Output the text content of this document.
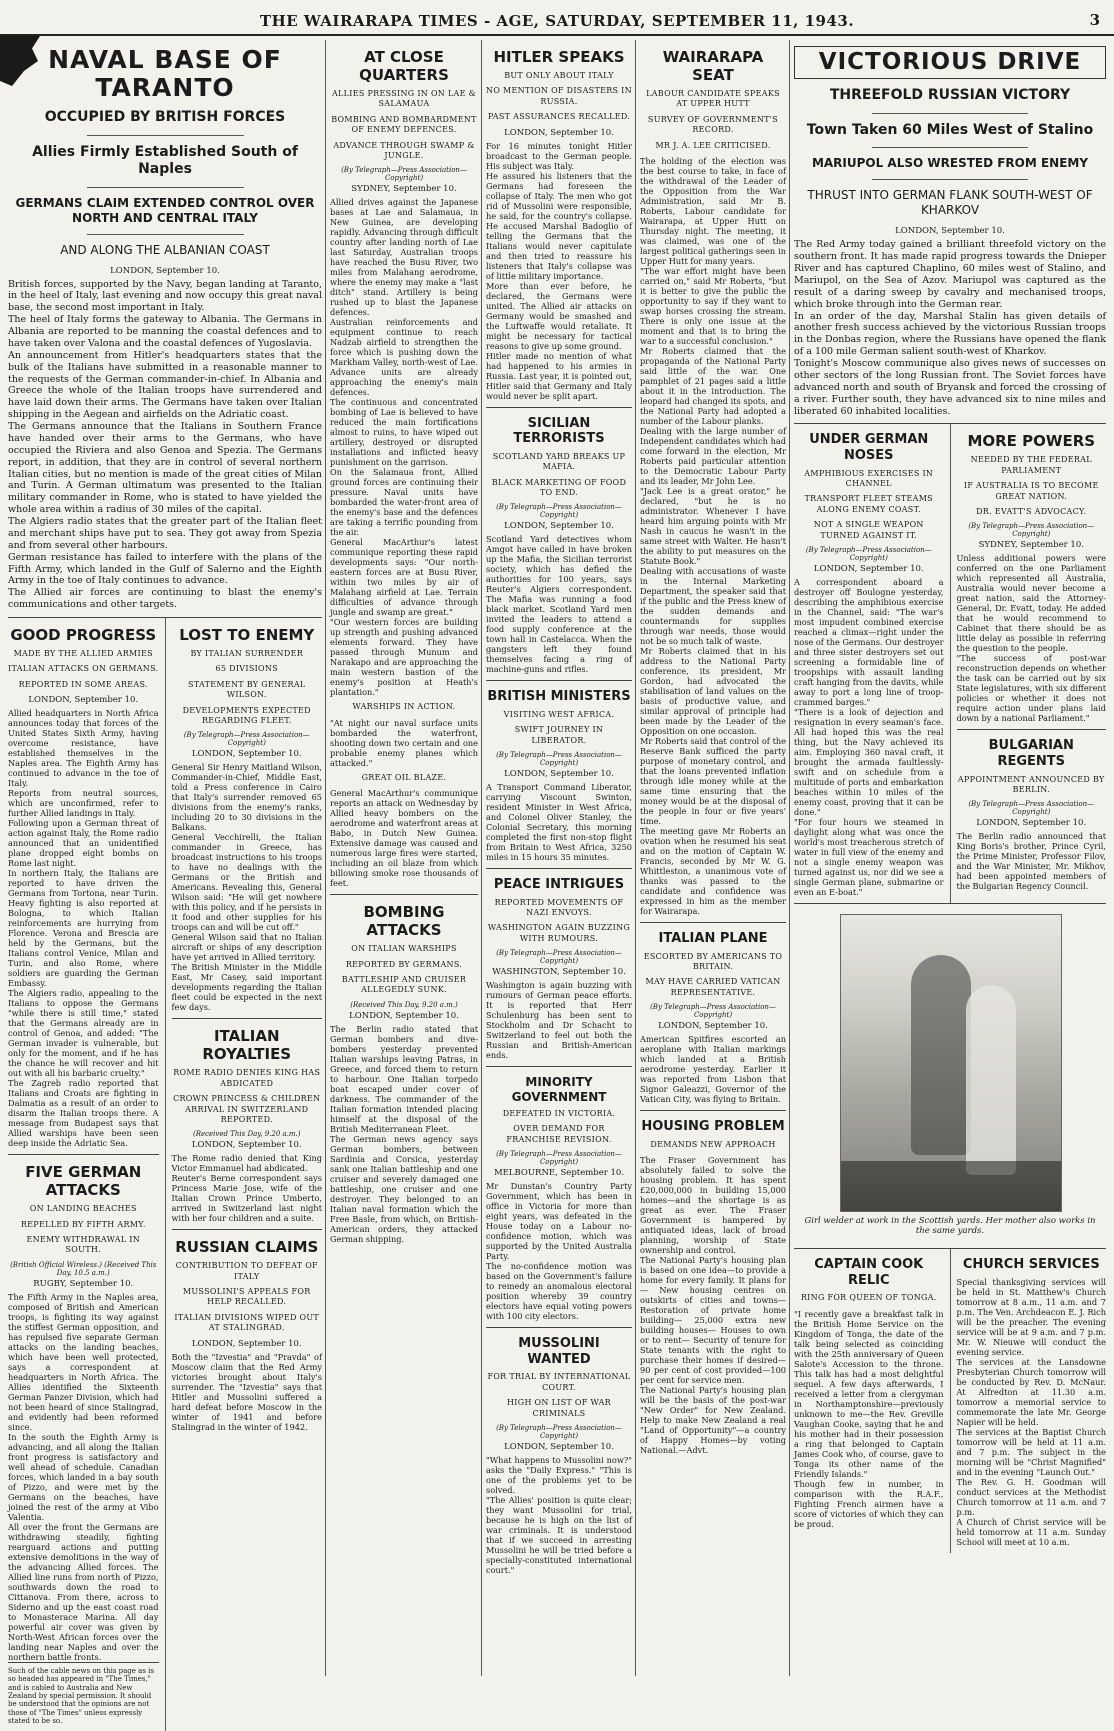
THE WAIRARAPA TIMES - AGE, SATURDAY, SEPTEMBER 11, 1943.	3
NAVAL BASE OF TARANTO
OCCUPIED BY BRITISH FORCES
Allies Firmly Established South of Naples
GERMANS CLAIM EXTENDED CONTROL OVER NORTH AND CENTRAL ITALY
AND ALONG THE ALBANIAN COAST
LONDON, September 10.

British forces, supported by the Navy, began landing at Taranto, in the heel of Italy, last evening and now occupy this great naval base, the second most important in Italy.

The heel of Italy forms the gateway to Albania. The Germans in Albania are reported to be manning the coastal defences and to have taken over Valona and the coastal defences of Yugoslavia.

An announcement from Hitler's headquarters states that the bulk of the Italians have submitted in a reasonable manner to the requests of the German commander-in-chief. In Albania and Greece the whole of the Italian troops have surrendered and have laid down their arms. The Germans have taken over Italian shipping in the Aegean and airfields on the Adriatic coast.

The Germans announce that the Italians in Southern France have handed over their arms to the Germans, who have occupied the Riviera and also Genoa and Spezia. The Germans report, in addition, that they are in control of several northern Italian cities, but no mention is made of the great cities of Milan and Turin. A German ultimatum was presented to the Italian military commander in Rome, who is stated to have yielded the whole area within a radius of 30 miles of the capital.

The Algiers radio states that the greater part of the Italian fleet and merchant ships have put to sea. They got away from Spezia and from several other harbours.

German resistance has failed to interfere with the plans of the Fifth Army, which landed in the Gulf of Salerno and the Eighth Army in the toe of Italy continues to advance.

The Allied air forces are continuing to blast the enemy's communications and other targets.

GOOD PROGRESS
MADE BY THE ALLIED ARMIES
ITALIAN ATTACKS ON GERMANS.
REPORTED IN SOME AREAS.
LONDON, September 10.

Allied headquarters in North Africa announces today that forces of the United States Sixth Army, having overcome resistance, have established themselves in the Naples area. The Eighth Army has continued to advance in the toe of Italy.

Reports from neutral sources, which are unconfirmed, refer to further Allied landings in Italy.

Following upon a German threat of action against Italy, the Rome radio announced that an unidentified plane dropped eight bombs on Rome last night.

In northern Italy, the Italians are reported to have driven the Germans from Tortona, near Turin. Heavy fighting is also reported at Bologna, to which Italian reinforcements are hurrying from Florence. Verona and Brescia are held by the Germans, but the Italians control Venice, Milan and Turin, and also Rome, where soldiers are guarding the German Embassy.

The Algiers radio, appealing to the Italians to oppose the Germans "while there is still time," stated that the Germans already are in control of Genoa, and added: "The German invader is vulnerable, but only for the moment, and if he has the chance he will recover and hit out with all his barbaric cruelty."

The Zagreb radio reported that Italians and Croats are fighting in Dalmatia as a result of an order to disarm the Italian troops there. A message from Budapest says that Allied warships have been seen deep inside the Adriatic Sea.

FIVE GERMAN ATTACKS
ON LANDING BEACHES
REPELLED BY FIFTH ARMY.
ENEMY WITHDRAWAL IN SOUTH.
(British Official Wireless.) (Received This Day, 10.5 a.m.)
RUGBY, September 10.

The Fifth Army in the Naples area, composed of British and American troops, is fighting its way against the stiffest German opposition, and has repulsed five separate German attacks on the landing beaches, which have been well protected, says a correspondent at headquarters in North Africa. The Allies identified the Sixteenth German Panzer Division, which had not been heard of since Stalingrad, and evidently had been reformed since.

In the south the Eighth Army is advancing, and all along the Italian front progress is satisfactory and well ahead of schedule. Canadian forces, which landed in a bay south of Pizzo, and were met by the Germans on the beaches, have joined the rest of the army at Vibo Valentia.

All over the front the Germans are withdrawing steadily, fighting rearguard actions and putting extensive demolitions in the way of the advancing Allied forces. The Allied line runs from north of Pizzo, southwards down the road to Cittanova. From there, across to Siderno and up the east coast road to Monasterace Marina. All day powerful air cover was given by North-West African forces over the landing near Naples and over the northern battle fronts.

Such of the cable news on this page as is so headed has appeared in "The Times," and is cabled to Australia and New Zealand by special permission. It should be understood that the opinions are not those of "The Times" unless expressly stated to be so.
LOST TO ENEMY
BY ITALIAN SURRENDER
65 DIVISIONS
STATEMENT BY GENERAL WILSON.
DEVELOPMENTS EXPECTED REGARDING FLEET.
(By Telegraph—Press Association—Copyright)
LONDON, September 10.

General Sir Henry Maitland Wilson, Commander-in-Chief, Middle East, told a Press conference in Cairo that Italy's surrender removed 65 divisions from the enemy's ranks, including 20 to 30 divisions in the Balkans.

General Vecchirelli, the Italian commander in Greece, has broadcast instructions to his troops to have no dealings with the Germans or the British and Americans. Revealing this, General Wilson said: "He will get nowhere with this policy, and if he persists in it food and other supplies for his troops can and will be cut off."

General Wilson said that no Italian aircraft or ships of any description have yet arrived in Allied territory.

The British Minister in the Middle East, Mr Casey, said important developments regarding the Italian fleet could be expected in the next few days.

ITALIAN ROYALTIES
ROME RADIO DENIES KING HAS ABDICATED
CROWN PRINCESS & CHILDREN ARRIVAL IN SWITZERLAND REPORTED.
(Received This Day, 9.20 a.m.)
LONDON, September 10.

The Rome radio denied that King Victor Emmanuel had abdicated.

Reuter's Berne correspondent says Princess Marie Jose, wife of the Italian Crown Prince Umberto, arrived in Switzerland last night with her four children and a suite.

RUSSIAN CLAIMS
CONTRIBUTION TO DEFEAT OF ITALY
MUSSOLINI'S APPEALS FOR HELP RECALLED.
ITALIAN DIVISIONS WIPED OUT AT STALINGRAD.
LONDON, September 10.

Both the "Izvestia" and "Pravda" of Moscow claim that the Red Army victories brought about Italy's surrender. The "Izvestia" says that Hitler and Mussolini suffered a hard defeat before Moscow in the winter of 1941 and before Stalingrad in the winter of 1942.

AT CLOSE QUARTERS
ALLIES PRESSING IN ON LAE & SALAMAUA
BOMBING AND BOMBARDMENT OF ENEMY DEFENCES.
ADVANCE THROUGH SWAMP & JUNGLE.
(By Telegraph—Press Association—Copyright)
SYDNEY, September 10.

Allied drives against the Japanese bases at Lae and Salamaua, in New Guinea, are developing rapidly. Advancing through difficult country after landing north of Lae last Saturday, Australian troops have reached the Busu River, two miles from Malahang aerodrome, where the enemy may make a "last ditch" stand. Artillery is being rushed up to blast the Japanese defences.

Australian reinforcements and equipment continue to reach Nadzab airfield to strengthen the force which is pushing down the Markham Valley, north-west of Lae. Advance units are already approaching the enemy's main defences.

The continuous and concentrated bombing of Lae is believed to have reduced the main fortifications almost to ruins, to have wiped out artillery, destroyed or disrupted installations and inflicted heavy punishment on the garrison.

On the Salamaua front, Allied ground forces are continuing their pressure. Naval units have bombarded the water-front area of the enemy's base and the defences are taking a terrific pounding from the air.

General MacArthur's latest communique reporting these rapid developments says: "Our north-eastern forces are at Busu River, within two miles by air of Malahang airfield at Lae. Terrain difficulties of advance through jungle and swamp are great."

"Our western forces are building up strength and pushing advanced elements forward. They have passed through Munum and Narakapo and are approaching the main western bastion of the enemy's position at Heath's plantation."

WARSHIPS IN ACTION.

"At night our naval surface units bombarded the waterfront, shooting down two certain and one probable enemy planes which attacked."

GREAT OIL BLAZE.

General MacArthur's communique reports an attack on Wednesday by Allied heavy bombers on the aerodrome and waterfront areas at Babo, in Dutch New Guinea. Extensive damage was caused and numerous large fires were started, including an oil blaze from which billowing smoke rose thousands of feet.

BOMBING ATTACKS
ON ITALIAN WARSHIPS
REPORTED BY GERMANS.
BATTLESHIP AND CRUISER ALLEGEDLY SUNK.
(Received This Day, 9.20 a.m.)
LONDON, September 10.

The Berlin radio stated that German bombers and dive-bombers yesterday prevented Italian warships leaving Patras, in Greece, and forced them to return to harbour. One Italian torpedo boat escaped under cover of darkness. The commander of the Italian formation intended placing himself at the disposal of the British Mediterranean Fleet.

The German news agency says German bombers, between Sardinia and Corsica, yesterday sank one Italian battleship and one cruiser and severely damaged one battleship, one cruiser and one destroyer. They belonged to an Italian naval formation which the Free Basle, from which, on British-American orders, they attacked German shipping.

HITLER SPEAKS
BUT ONLY ABOUT ITALY
NO MENTION OF DISASTERS IN RUSSIA.
PAST ASSURANCES RECALLED.
LONDON, September 10.

For 16 minutes tonight Hitler broadcast to the German people. His subject was Italy.

He assured his listeners that the Germans had foreseen the collapse of Italy. The men who got rid of Mussolini were responsible, he said, for the country's collapse. He accused Marshal Badoglio of telling the Germans that the Italians would never capitulate and then tried to reassure his listeners that Italy's collapse was of little military importance.

More than ever before, he declared, the Germans were united. The Allied air attacks on Germany would be smashed and the Luftwaffe would retaliate. It might be necessary for tactical reasons to give up some ground.

Hitler made no mention of what had happened to his armies in Russia. Last year, it is pointed out, Hitler said that Germany and Italy would never be split apart.

SICILIAN TERRORISTS
SCOTLAND YARD BREAKS UP MAFIA.
BLACK MARKETING OF FOOD TO END.
(By Telegraph—Press Association—Copyright)
LONDON, September 10.

Scotland Yard detectives whom Amgot have called in have broken up the Mafia, the Sicilian terrorist society, which has defied the authorities for 100 years, says Reuter's Algiers correspondent. The Mafia was running a food black market. Scotland Yard men invited the leaders to attend a food supply conference at the town hall in Castelacca. When the gangsters left they found themselves facing a ring of machine-guns and rifles.

BRITISH MINISTERS
VISITING WEST AFRICA.
SWIFT JOURNEY IN LIBERATOR.
(By Telegraph—Press Association—Copyright)
LONDON, September 10.

A Transport Command Liberator, carrying Viscount Swinton, resident Minister in West Africa, and Colonel Oliver Stanley, the Colonial Secretary, this morning completed the first non-stop flight from Britain to West Africa, 3250 miles in 15 hours 35 minutes.

PEACE INTRIGUES
REPORTED MOVEMENTS OF NAZI ENVOYS.
WASHINGTON AGAIN BUZZING WITH RUMOURS.
(By Telegraph—Press Association—Copyright)
WASHINGTON, September 10.

Washington is again buzzing with rumours of German peace efforts. It is reported that Herr Schulenburg has been sent to Stockholm and Dr Schacht to Switzerland to feel out both the Russian and British-American ends.

MINORITY GOVERNMENT
DEFEATED IN VICTORIA.
OVER DEMAND FOR FRANCHISE REVISION.
(By Telegraph—Press Association—Copyright)
MELBOURNE, September 10.

Mr Dunstan's Country Party Government, which has been in office in Victoria for more than eight years, was defeated in the House today on a Labour no-confidence motion, which was supported by the United Australia Party.

The no-confidence motion was based on the Government's failure to remedy an anomalous electoral position whereby 39 country electors have equal voting powers with 100 city electors.

MUSSOLINI WANTED
FOR TRIAL BY INTERNATIONAL COURT.
HIGH ON LIST OF WAR CRIMINALS
(By Telegraph—Press Association—Copyright)
LONDON, September 10.

"What happens to Mussolini now?" asks the "Daily Express." "This is one of the problems yet to be solved.

"The Allies' position is quite clear; they want Mussolini for trial, because he is high on the list of war criminals. It is understood that if we succeed in arresting Mussolini he will be tried before a specially-constituted international court."

WAIRARAPA SEAT
LABOUR CANDIDATE SPEAKS AT UPPER HUTT
SURVEY OF GOVERNMENT'S RECORD.
MR J. A. LEE CRITICISED.

The holding of the election was the best course to take, in face of the withdrawal of the Leader of the Opposition from the War Administration, said Mr B. Roberts, Labour candidate for Wairarapa, at Upper Hutt on Thursday night. The meeting, it was claimed, was one of the largest political gatherings seen in Upper Hutt for many years.

"The war effort might have been carried on," said Mr Roberts, "but it is better to give the public the opportunity to say if they want to swap horses crossing the stream. There is only one issue at the moment and that is to bring the war to a successful conclusion."

Mr Roberts claimed that the propaganda of the National Party said little of the war. One pamphlet of 21 pages said a little about it in the introduction. The leopard had changed its spots, and the National Party had adopted a number of the Labour planks.

Dealing with the large number of Independent candidates which had come forward in the election, Mr Roberts paid particular attention to the Democratic Labour Party and its leader, Mr John Lee.

"Jack Lee is a great orator," he declared, "but he is no administrator. Whenever I have heard him arguing points with Mr Nash in caucus he wasn't in the same street with Walter. He hasn't the ability to put measures on the Statute Book."

Dealing with accusations of waste in the Internal Marketing Department, the speaker said that if the public and the Press knew of the sudden demands and countermands for supplies through war needs, those would not be so much talk of waste.

Mr Roberts claimed that in his address to the National Party conference, its president, Mr Gordon, had advocated the stabilisation of land values on the basis of productive value, and similar approval of principle had been made by the Leader of the Opposition on one occasion.

Mr Roberts said that control of the Reserve Bank sufficed the party purpose of monetary control, and that the loans prevented inflation through idle money while at the same time ensuring that the money would be at the disposal of the people in four or five years' time.

The meeting gave Mr Roberts an ovation when he resumed his seat and on the motion of Captain W. Francis, seconded by Mr W. G. Whittleston, a unanimous vote of thanks was passed to the candidate and confidence was expressed in him as the member for Wairarapa.

ITALIAN PLANE
ESCORTED BY AMERICANS TO BRITAIN.
MAY HAVE CARRIED VATICAN REPRESENTATIVE.
(By Telegraph—Press Association—Copyright)
LONDON, September 10.

American Spitfires escorted an aeroplane with Italian markings which landed at a British aerodrome yesterday. Earlier it was reported from Lisbon that Signor Galeazzi, Governor of the Vatican City, was flying to Britain.

HOUSING PROBLEM
DEMANDS NEW APPROACH

The Fraser Government has absolutely failed to solve the housing problem. It has spent £20,000,000 in building 15,000 homes—and the shortage is as great as ever. The Fraser Government is hampered by antiquated ideas, lack of broad planning, worship of State ownership and control.

The National Party's housing plan is based on one idea—to provide a home for every family. It plans for— New housing centres on outskirts of cities and towns— Restoration of private home building— 25,000 extra new building houses— Houses to own or to rent— Security of tenure for State tenants with the right to purchase their homes if desired— 90 per cent of cost provided—100 per cent for service men.

The National Party's housing plan will be the basis of the post-war "New Order" for New Zealand. Help to make New Zealand a real "Land of Opportunity"—a country of Happy Homes—by voting National.—Advt.

VICTORIOUS DRIVE
THREEFOLD RUSSIAN VICTORY
Town Taken 60 Miles West of Stalino
MARIUPOL ALSO WRESTED FROM ENEMY
THRUST INTO GERMAN FLANK SOUTH-WEST OF KHARKOV
LONDON, September 10.

The Red Army today gained a brilliant threefold victory on the southern front. It has made rapid progress towards the Dnieper River and has captured Chaplino, 60 miles west of Stalino, and Mariupol, on the Sea of Azov. Mariupol was captured as the result of a daring sweep by cavalry and mechanised troops, which broke through into the German rear.

In an order of the day, Marshal Stalin has given details of another fresh success achieved by the victorious Russian troops in the Donbas region, where the Russians have opened the flank of a 100 mile German salient south-west of Kharkov.

Tonight's Moscow communique also gives news of successes on other sectors of the long Russian front. The Soviet forces have advanced north and south of Bryansk and forced the crossing of a river. Further south, they have advanced six to nine miles and liberated 60 inhabited localities.

UNDER GERMAN NOSES
AMPHIBIOUS EXERCISES IN CHANNEL
TRANSPORT FLEET STEAMS ALONG ENEMY COAST.
NOT A SINGLE WEAPON TURNED AGAINST IT.
(By Telegraph—Press Association—Copyright)
LONDON, September 10.

A correspondent aboard a destroyer off Boulogne yesterday, describing the amphibious exercise in the Channel, said: "The war's most impudent combined exercise reached a climax—right under the nose of the Germans. Our destroyer and three sister destroyers set out screening a formidable line of troopships with assault landing craft hanging from the davits, while away to port a long line of troop-crammed barges."

"There is a look of dejection and resignation in every seaman's face. All had hoped this was the real thing, but the Navy achieved its aim. Employing 360 naval craft, it brought the armada faultlessly-swift and on schedule from a multitude of ports and embarkation beaches within 10 miles of the enemy coast, proving that it can be done."

"For four hours we steamed in daylight along what was once the world's most treacherous stretch of water in full view of the enemy and not a single enemy weapon was turned against us, nor did we see a single German plane, submarine or even an E-boat."

MORE POWERS
NEEDED BY THE FEDERAL PARLIAMENT
IF AUSTRALIA IS TO BECOME GREAT NATION.
DR. EVATT'S ADVOCACY.
(By Telegraph—Press Association—Copyright)
SYDNEY, September 10.

Unless additional powers were conferred on the one Parliament which represented all Australia, Australia would never become a great nation, said the Attorney-General, Dr. Evatt, today. He added that he would recommend to Cabinet that there should be as little delay as possible in referring the question to the people.

"The success of post-war reconstruction depends on whether the task can be carried out by six State legislatures, with six different policies or whether it does not require action under plans laid down by a national Parliament."

BULGARIAN REGENTS
APPOINTMENT ANNOUNCED BY BERLIN.
(By Telegraph—Press Association—Copyright)
LONDON, September 10.

The Berlin radio announced that King Boris's brother, Prince Cyril, the Prime Minister, Professor Filov, and the War Minister, Mr. Mikhov, had been appointed members of the Bulgarian Regency Council.

Girl welder at work in the Scottish yards. Her mother also works in the same yards.
CAPTAIN COOK RELIC
RING FOR QUEEN OF TONGA.

"I recently gave a breakfast talk in the British Home Service on the Kingdom of Tonga, the date of the talk being selected as coinciding with the 25th anniversary of Queen Salote's Accession to the throne. This talk has had a most delightful sequel. A few days afterwards, I received a letter from a clergyman in Northamptonshire—previously unknown to me—the Rev. Greville Vaughan Cooke, saying that he and his mother had in their possession a ring that belonged to Captain James Cook who, of course, gave to Tonga its other name of the Friendly Islands."

Though few in number, in comparison with the R.A.F., Fighting French airmen have a score of victories of which they can be proud.

CHURCH SERVICES

Special thanksgiving services will be held in St. Matthew's Church tomorrow at 8 a.m., 11 a.m. and 7 p.m. The Ven. Archdeacon E. J. Rich will be the preacher. The evening service will be at 9 a.m. and 7 p.m. Mr. W. Nieuwe will conduct the evening service.

The services at the Lansdowne Presbyterian Church tomorrow will be conducted by Rev. D. McNaur. At Alfredton at 11.30 a.m. tomorrow a memorial service to commemorate the late Mr. George Napier will be held.

The services at the Baptist Church tomorrow will be held at 11 a.m. and 7 p.m. The subject in the morning will be "Christ Magnified" and in the evening "Launch Out."

The Rev. G. H. Goodman will conduct services at the Methodist Church tomorrow at 11 a.m. and 7 p.m.

A Church of Christ service will be held tomorrow at 11 a.m. Sunday School will meet at 10 a.m.
